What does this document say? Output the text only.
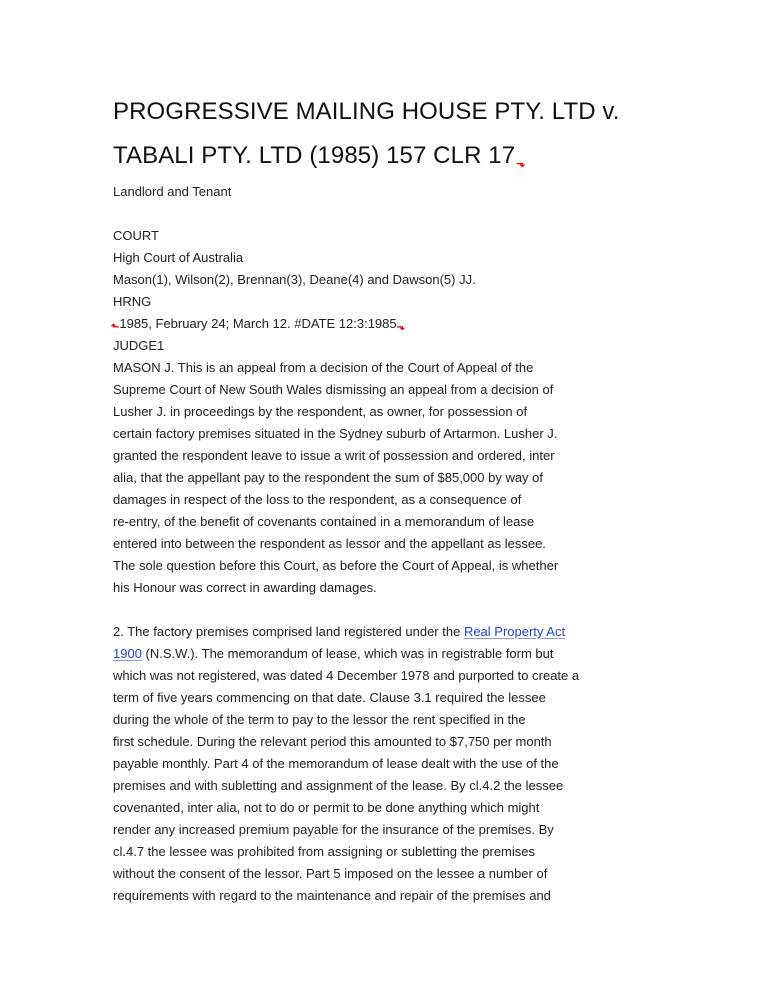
PROGRESSIVE MAILING HOUSE PTY. LTD v.
TABALI PTY. LTD (1985) 157 CLR 17⬎
Landlord and Tenant
COURT
High Court of Australia
Mason(1), Wilson(2), Brennan(3), Deane(4) and Dawson(5) JJ.
HRNG
⬑1985, February 24; March 12. #DATE 12:3:1985⬎
JUDGE1
MASON J. This is an appeal from a decision of the Court of Appeal of the
Supreme Court of New South Wales dismissing an appeal from a decision of
Lusher J. in proceedings by the respondent, as owner, for possession of
certain factory premises situated in the Sydney suburb of Artarmon. Lusher J.
granted the respondent leave to issue a writ of possession and ordered, inter
alia, that the appellant pay to the respondent the sum of $85,000 by way of
damages in respect of the loss to the respondent, as a consequence of
re-entry, of the benefit of covenants contained in a memorandum of lease
entered into between the respondent as lessor and the appellant as lessee.
The sole question before this Court, as before the Court of Appeal, is whether
his Honour was correct in awarding damages.
2. The factory premises comprised land registered under the Real Property Act
1900 (N.S.W.). The memorandum of lease, which was in registrable form but
which was not registered, was dated 4 December 1978 and purported to create a
term of five years commencing on that date. Clause 3.1 required the lessee
during the whole of the term to pay to the lessor the rent specified in the
first schedule. During the relevant period this amounted to $7,750 per month
payable monthly. Part 4 of the memorandum of lease dealt with the use of the
premises and with subletting and assignment of the lease. By cl.4.2 the lessee
covenanted, inter alia, not to do or permit to be done anything which might
render any increased premium payable for the insurance of the premises. By
cl.4.7 the lessee was prohibited from assigning or subletting the premises
without the consent of the lessor. Part 5 imposed on the lessee a number of
requirements with regard to the maintenance and repair of the premises and
